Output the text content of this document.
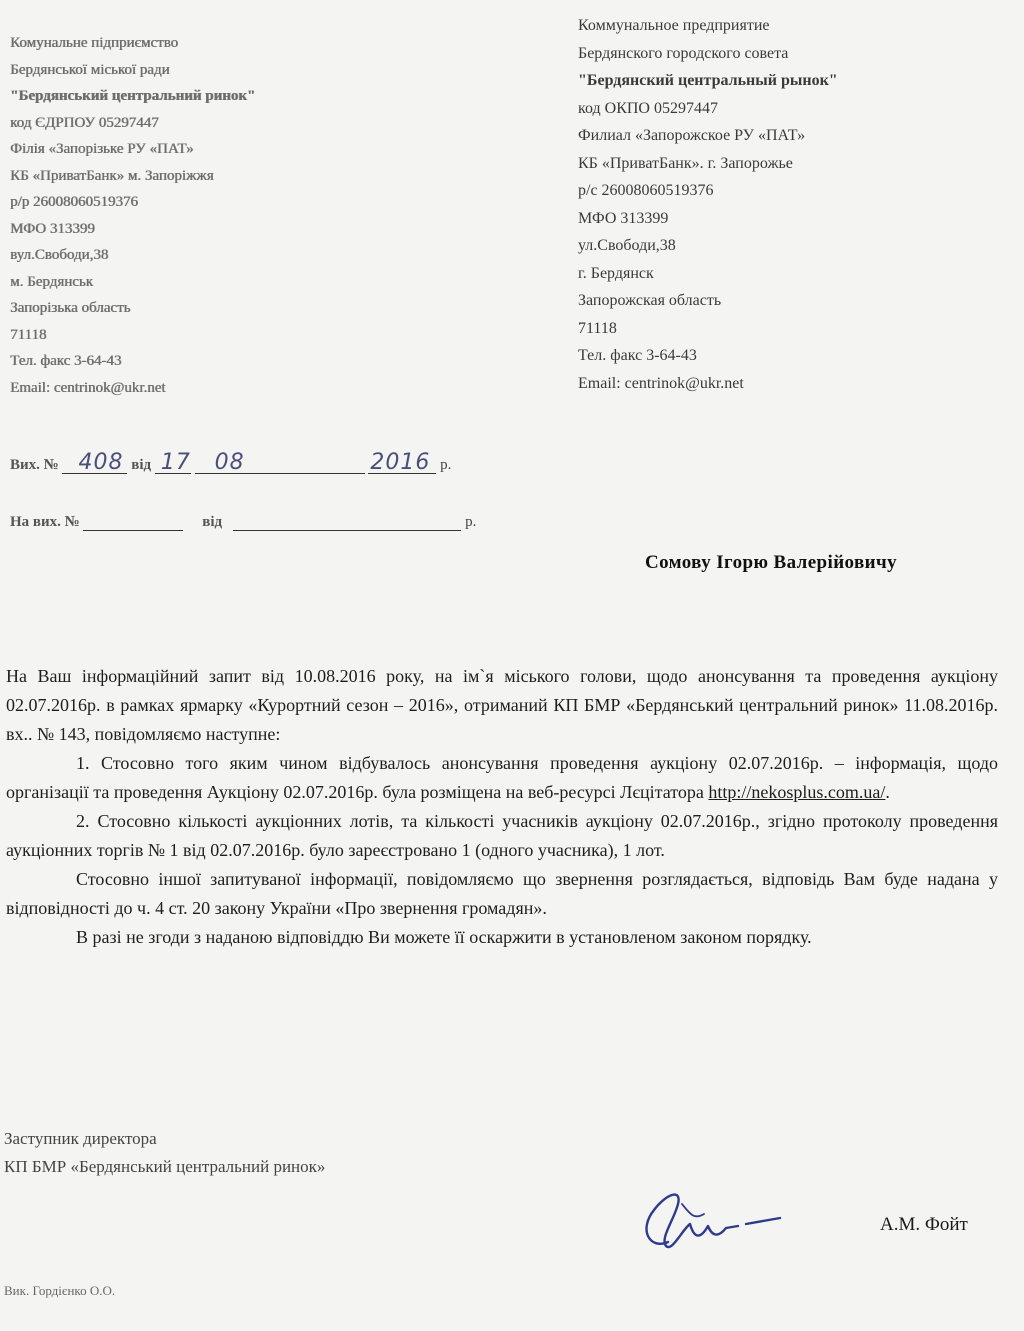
Комунальне підприємство
Бердянської міської ради
"Бердянський центральний ринок"
код ЄДРПОУ 05297447
Філія «Запорізьке РУ «ПАТ»
КБ «ПриватБанк» м. Запоріжжя
р/р 26008060519376
МФО 313399
вул.Свободи,38
м. Бердянськ
Запорізька область
71118
Тел. факс 3-64-43
Email: centrinok@ukr.net
Коммунальное предприятие
Бердянского городского совета
"Бердянский центральный рынок"
код ОКПО 05297447
Филиал «Запорожское РУ «ПАТ»
КБ «ПриватБанк». г. Запорожье
р/с 26008060519376
МФО 313399
ул.Свободи,38
г. Бердянск
Запорожская область
71118
Тел. факс 3-64-43
Email: centrinok@ukr.net
Вих. № 408 від 17
08
	2016 р.
На вих. №	від	р.
Сомову Ігорю Валерійовичу

На Ваш інформаційний запит від 10.08.2016 року, на ім`я міського голови, щодо анонсування та проведення аукціону 02.07.2016р. в рамках ярмарку «Курортний сезон – 2016», отриманий КП БМР «Бердянський центральний ринок» 11.08.2016р. вх.. № 143, повідомляємо наступне:

1. Стосовно того яким чином відбувалось анонсування проведення аукціону 02.07.2016р. – інформація, щодо організації та проведення Аукціону 02.07.2016р. була розміщена на веб-ресурсі Лєцітатора http://nekosplus.com.ua/.

2. Стосовно кількості аукціонних лотів, та кількості учасників аукціону 02.07.2016р., згідно протоколу проведення аукціонних торгів № 1 від 02.07.2016р. було зареєстровано 1 (одного учасника), 1 лот.

Стосовно іншої запитуваної інформації, повідомляємо що звернення розглядається, відповідь Вам буде надана у відповідності до ч. 4 ст. 20 закону України «Про звернення громадян».

В разі не згоди з наданою відповіддю Ви можете її оскаржити в установленом законом порядку.

Заступник директора
КП БМР «Бердянський центральний ринок»
А.М. Фойт
Вик. Гордієнко О.О.
